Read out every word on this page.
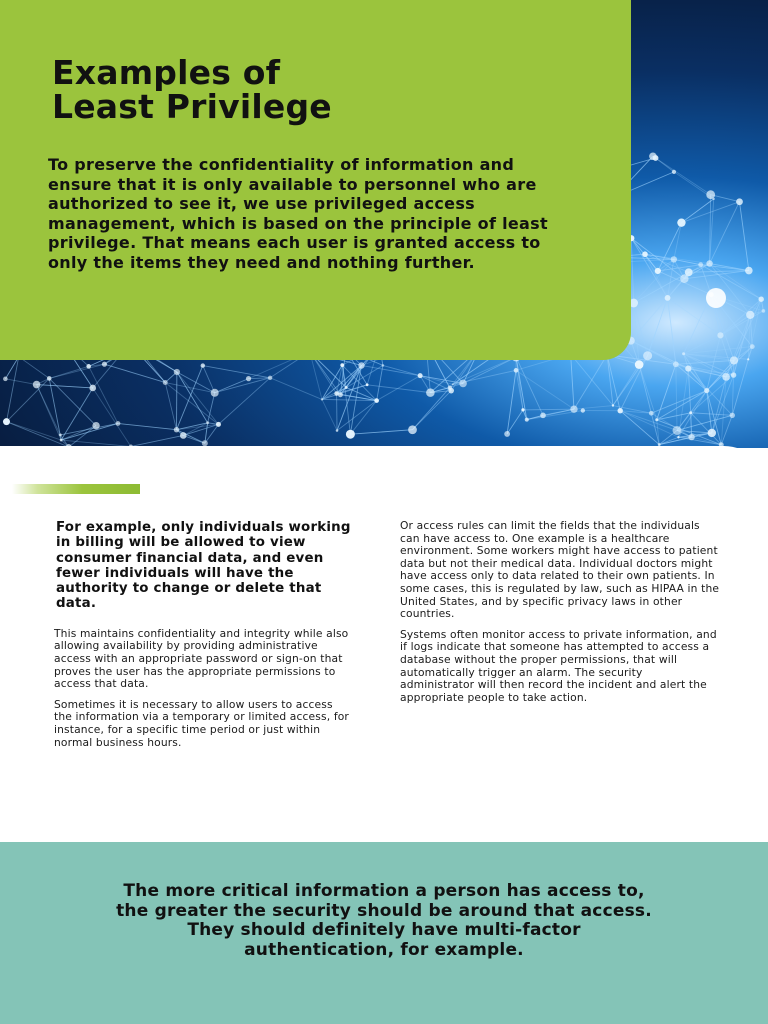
Examples of
Least Privilege

To preserve the confidentiality of information and ensure that it is only available to personnel who are authorized to see it, we use privileged access management, which is based on the principle of least privilege. That means each user is granted access to only the items they need and nothing further.

For example, only individuals working in billing will be allowed to view consumer financial data, and even fewer individuals will have the authority to change or delete that data.

This maintains confidentiality and integrity while also allowing availability by providing administrative access with an appropriate password or sign-on that proves the user has the appropriate permissions to access that data.

Sometimes it is necessary to allow users to access the information via a temporary or limited access, for instance, for a specific time period or just within normal business hours.

Or access rules can limit the fields that the individuals can have access to. One example is a healthcare environment. Some workers might have access to patient data but not their medical data. Individual doctors might have access only to data related to their own patients. In some cases, this is regulated by law, such as HIPAA in the United States, and by specific privacy laws in other countries.

Systems often monitor access to private information, and if logs indicate that someone has attempted to access a database without the proper permissions, that will automatically trigger an alarm. The security administrator will then record the incident and alert the appropriate people to take action.

The more critical information a person has access to, the greater the security should be around that access. They should definitely have multi-factor authentication, for example.
